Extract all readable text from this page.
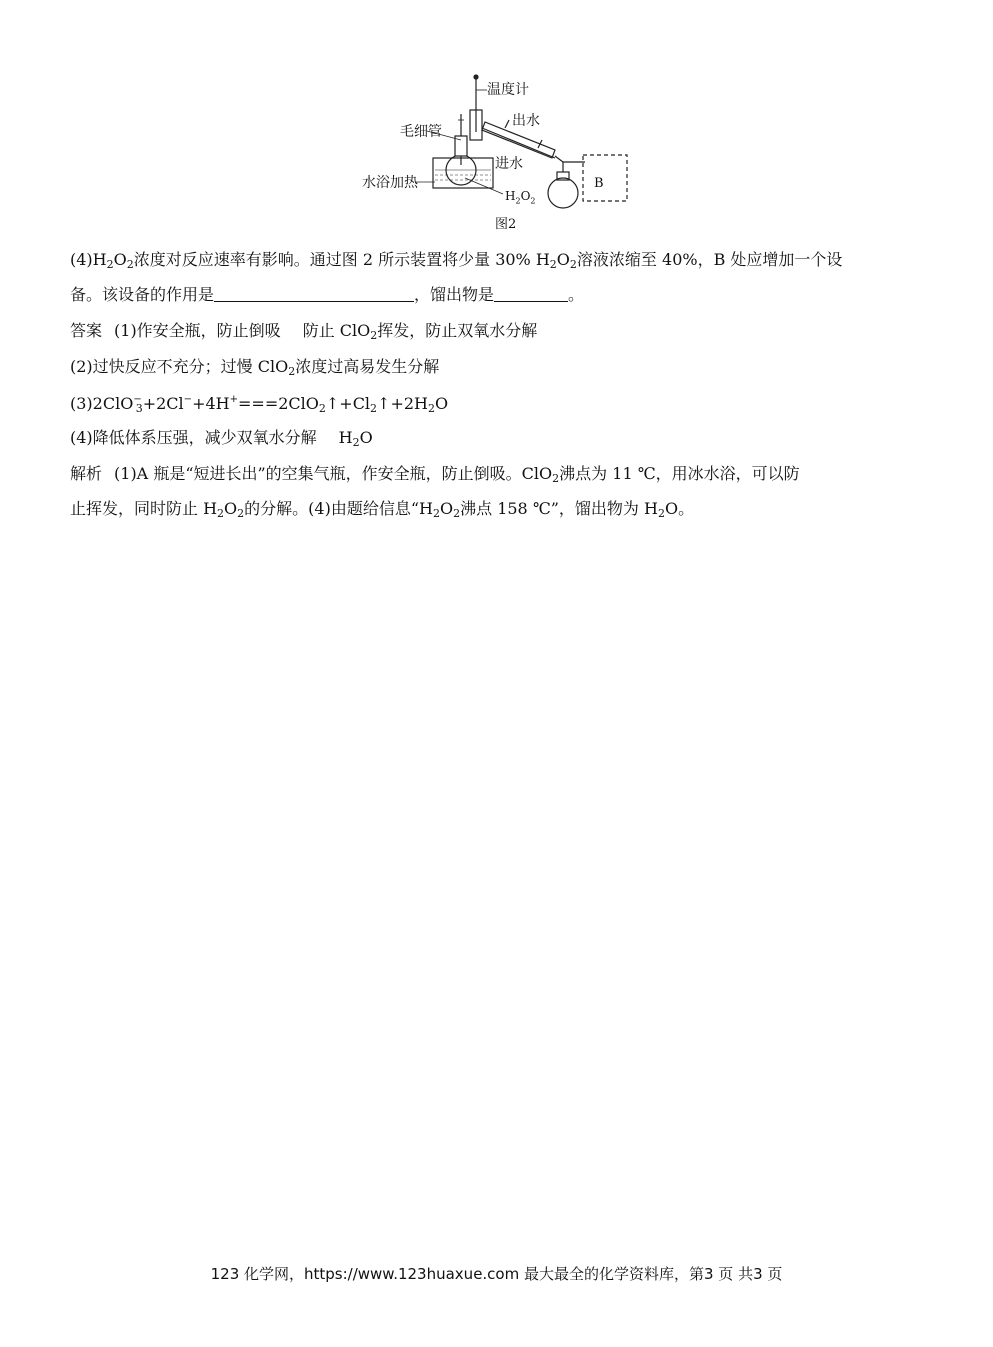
温度计
出水
毛细管
进水
水浴加热
$H_2O_2$
B
图2
$(4)H_2O_2$浓度对反应速率有影响。通过图 2 所示装置将少量 30% $H_2O_2$溶液浓缩至 40%，B 处应增加一个设
备。该设备的作用是	，馏出物是	。
答案 (1)作安全瓶，防止倒吸 防止 ClO$_2$挥发，防止双氧水分解
(2)过快反应不充分；过慢 ClO$_2$浓度过高易发生分解
$(3)2ClO^-_3+2Cl^-+4H^+===2ClO_2↑+Cl_2↑+2H_2O$
(4)降低体系压强，减少双氧水分解 $H_2O$
解析 (1)A 瓶是“短进长出”的空集气瓶，作安全瓶，防止倒吸。ClO$_2$沸点为 11 ℃，用冰水浴，可以防
止挥发，同时防止 $H_2O_2$的分解。(4)由题给信息“$H_2O_2$沸点 158 ℃”，馏出物为 $H_2O$。
123 化学网，https://www.123huaxue.com 最大最全的化学资料库，第3 页 共3 页
